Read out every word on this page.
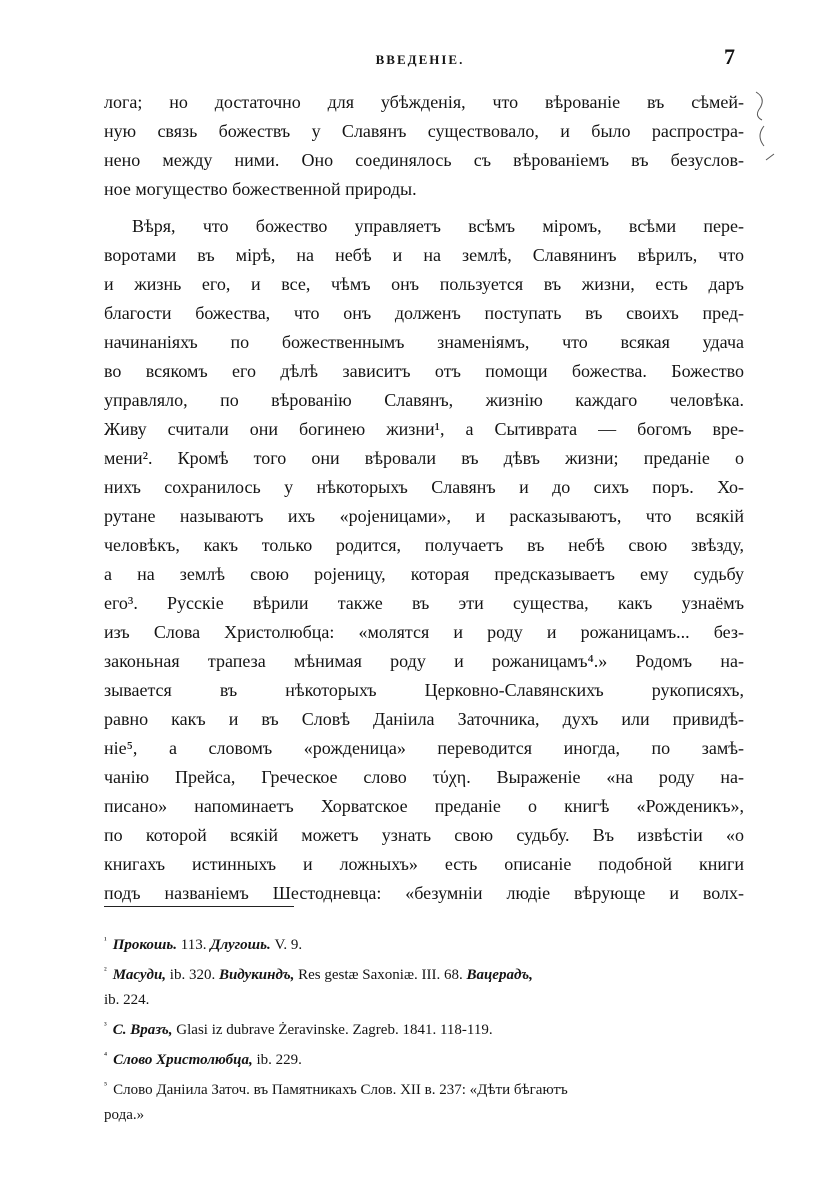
ВВЕДЕНІЕ.	7
логa; но достаточно для убѣжденія, что вѣрованіе въ сѣмей-
ную связь божествъ у Славянъ существовало, и было распростра-
нено между ними. Оно соединялось съ вѣрованіемъ въ безуслов-
ное могущество божественной природы.
Вѣря, что божество управляетъ всѣмъ міромъ, всѣми пере-
воротами въ мірѣ, на небѣ и на землѣ, Славянинъ вѣрилъ, что
и жизнь его, и все, чѣмъ онъ пользуется въ жизни, есть даръ
благости божества, что онъ долженъ поступать въ своихъ пред-
начинаніяхъ по божественнымъ знаменіямъ, что всякая удача
во всякомъ его дѣлѣ зависитъ отъ помощи божества. Божество
управляло, по вѣрованію Славянъ, жизнію каждаго человѣка.
Живу считали они богинею жизни¹, а Сытиврата — богомъ вре-
мени². Кромѣ того они вѣровали въ дѣвъ жизни; преданіе о
нихъ сохранилось у нѣкоторыхъ Славянъ и до сихъ поръ. Хо-
рутане называютъ ихъ «роjеницами», и расказываютъ, что всякій
человѣкъ, какъ только родится, получаетъ въ небѣ свою звѣзду,
а на землѣ свою роjеницу, которая предсказываетъ ему судьбу
его³. Русскіе вѣрили также въ эти существа, какъ узнаёмъ
изъ Слова Христолюбца: «молятся и роду и рожаницамъ... без-
законьная трапеза мѣнимая роду и рожаницамъ⁴.» Родомъ на-
зывается въ нѣкоторыхъ Церковно-Славянскихъ рукописяхъ,
равно какъ и въ Словѣ Даніила Заточника, духъ или привидѣ-
ніе⁵, а словомъ «рожденица» переводится иногда, по замѣ-
чанію Прейса, Греческое слово τύχη. Выраженіе «на роду на-
писано» напоминаетъ Хорватское преданіе о книгѣ «Рожденикъ»,
по которой всякій можетъ узнать свою судьбу. Въ извѣстіи «о
книгахъ истинныхъ и ложныхъ» есть описаніе подобной книги
подъ названіемъ Шестодневца: «безумніи людіе вѣрующе и волх-
$^{^1}$ Прокошь. 113. Длугошь. V. 9.
$^{^2}$ Масуди, ib. 320. Видукиндъ, Res gestæ Saxoniæ. III. 68. Вацерадъ,
ib. 224.
$^{^3}$ С. Вразъ, Glasi iz dubrave Żeravinske. Zagreb. 1841. 118-119.
$^{^4}$ Слово Христолюбца, ib. 229.
$^{^5}$ Слово Даніила Заточ. въ Памятникахъ Слов. XII в. 237: «Дѣти бѣгаютъ
рода.»
